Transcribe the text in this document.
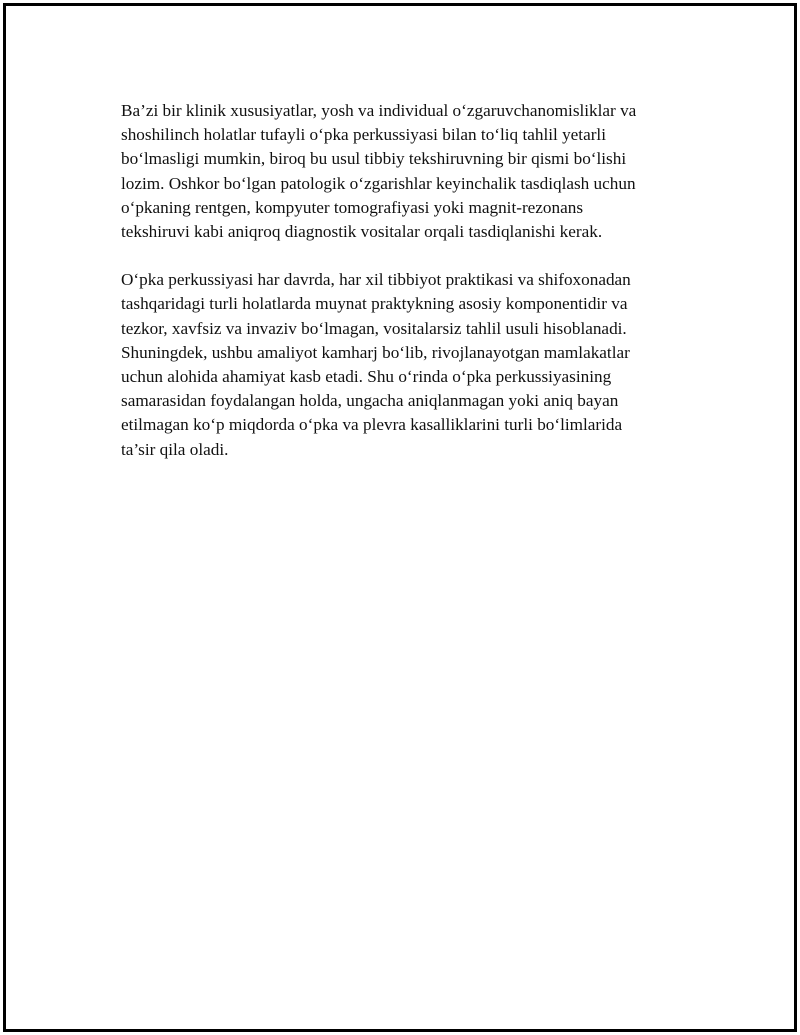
Ba’zi bir klinik xususiyatlar, yosh va individual o‘zgaruvchanomisliklar va
shoshilinch holatlar tufayli o‘pka perkussiyasi bilan to‘liq tahlil yetarli
bo‘lmasligi mumkin, biroq bu usul tibbiy tekshiruvning bir qismi bo‘lishi
lozim. Oshkor bo‘lgan patologik o‘zgarishlar keyinchalik tasdiqlash uchun
o‘pkaning rentgen, kompyuter tomografiyasi yoki magnit-rezonans
tekshiruvi kabi aniqroq diagnostik vositalar orqali tasdiqlanishi kerak.

O‘pka perkussiyasi har davrda, har xil tibbiyot praktikasi va shifoxonadan
tashqaridagi turli holatlarda muynat praktykning asosiy komponentidir va
tezkor, xavfsiz va invaziv bo‘lmagan, vositalarsiz tahlil usuli hisoblanadi.
Shuningdek, ushbu amaliyot kamharj bo‘lib, rivojlanayotgan mamlakatlar
uchun alohida ahamiyat kasb etadi. Shu o‘rinda o‘pka perkussiyasining
samarasidan foydalangan holda, ungacha aniqlanmagan yoki aniq bayan
etilmagan ko‘p miqdorda o‘pka va plevra kasalliklarini turli bo‘limlarida
ta’sir qila oladi.
